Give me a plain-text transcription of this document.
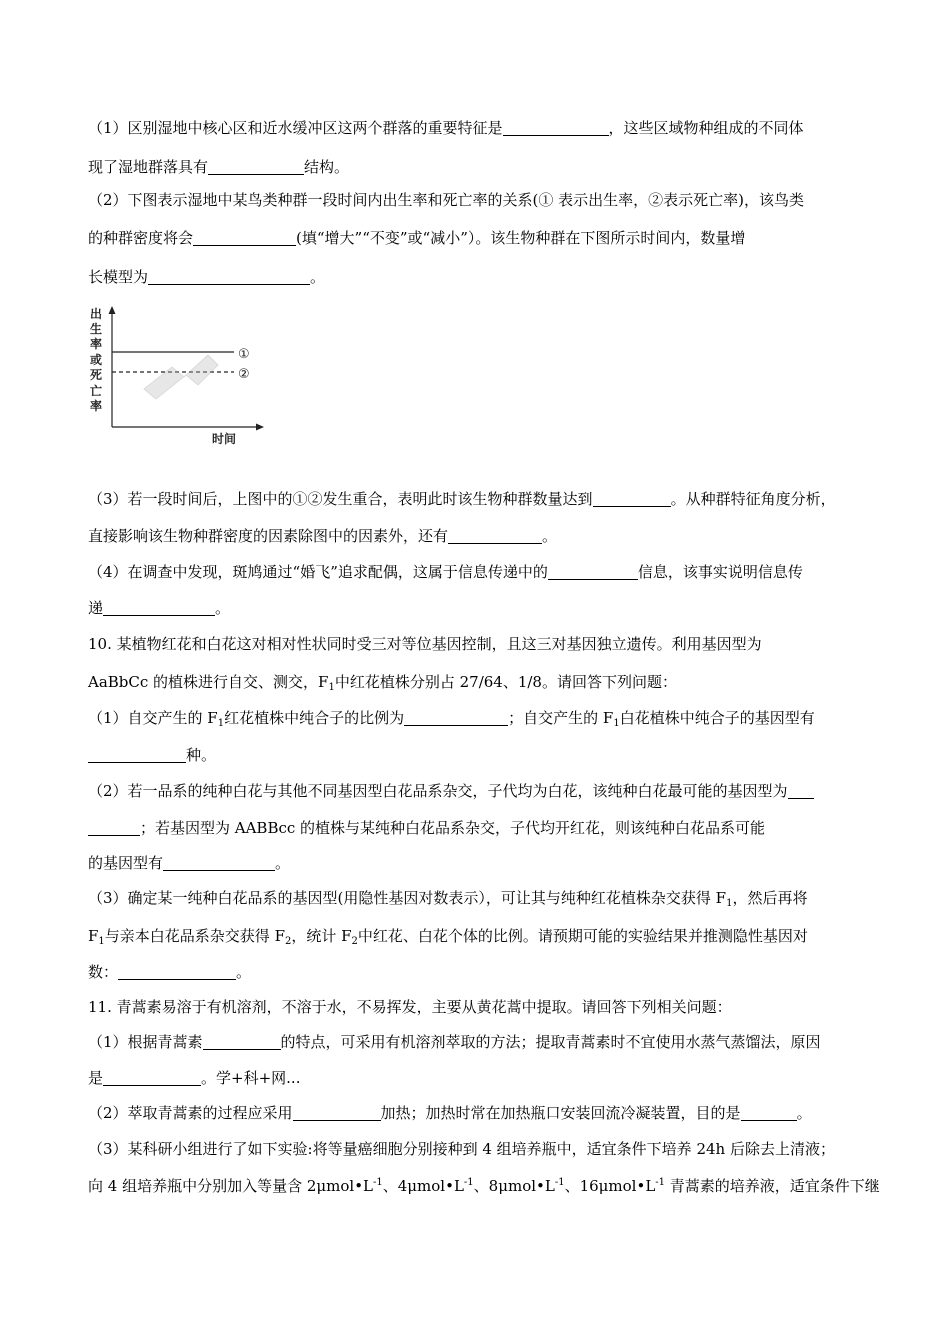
（1）区别湿地中核心区和近水缓冲区这两个群落的重要特征是	，这些区域物种组成的不同体
现了湿地群落具有	结构。
（2）下图表示湿地中某鸟类种群一段时间内出生率和死亡率的关系(① 表示出生率，②表示死亡率)，该鸟类
的种群密度将会	(填“增大”“不变”或“减小”）。该生物种群在下图所示时间内，数量增
长模型为	。
出
生
率
或
死
亡
率
①
②
时间
（3）若一段时间后，上图中的①②发生重合，表明此时该生物种群数量达到	。从种群特征角度分析，
直接影响该生物种群密度的因素除图中的因素外，还有	。
（4）在调查中发现，斑鸠通过“婚飞”追求配偶，这属于信息传递中的	信息，该事实说明信息传
递	。
10. 某植物红花和白花这对相对性状同时受三对等位基因控制，且这三对基因独立遗传。利用基因型为
AaBbCc 的植株进行自交、测交，$F_1$中红花植株分别占 27/64、1/8。请回答下列问题：
（1）自交产生的 $F_1$红花植株中纯合子的比例为	；自交产生的 $F_1$白花植株中纯合子的基因型有
种。
（2）若一品系的纯种白花与其他不同基因型白花品系杂交，子代均为白花，该纯种白花最可能的基因型为
；若基因型为 AABBcc 的植株与某纯种白花品系杂交，子代均开红花，则该纯种白花品系可能
的基因型有	。
（3）确定某一纯种白花品系的基因型(用隐性基因对数表示），可让其与纯种红花植株杂交获得 $F_1$，然后再将
$F_1$与亲本白花品系杂交获得 $F_2$，统计 $F_2$中红花、白花个体的比例。请预期可能的实验结果并推测隐性基因对
数：	。
11. 青蒿素易溶于有机溶剂，不溶于水，不易挥发，主要从黄花蒿中提取。请回答下列相关问题：
（1）根据青蒿素	的特点，可采用有机溶剂萃取的方法；提取青蒿素时不宜使用水蒸气蒸馏法，原因
是	。学+科+网...
（2）萃取青蒿素的过程应采用	加热；加热时常在加热瓶口安装回流冷凝装置，目的是	。
（3）某科研小组进行了如下实验:将等量癌细胞分别接种到 4 组培养瓶中，适宜条件下培养 24h 后除去上清液；
向 4 组培养瓶中分别加入等量含 $2\mu mol•L^{-1}$、$4\mu mol•L^{-1}$、$8\mu mol•L^{-1}$、$16\mu mol•L^{-1}$ 青蒿素的培养液，适宜条件下继
